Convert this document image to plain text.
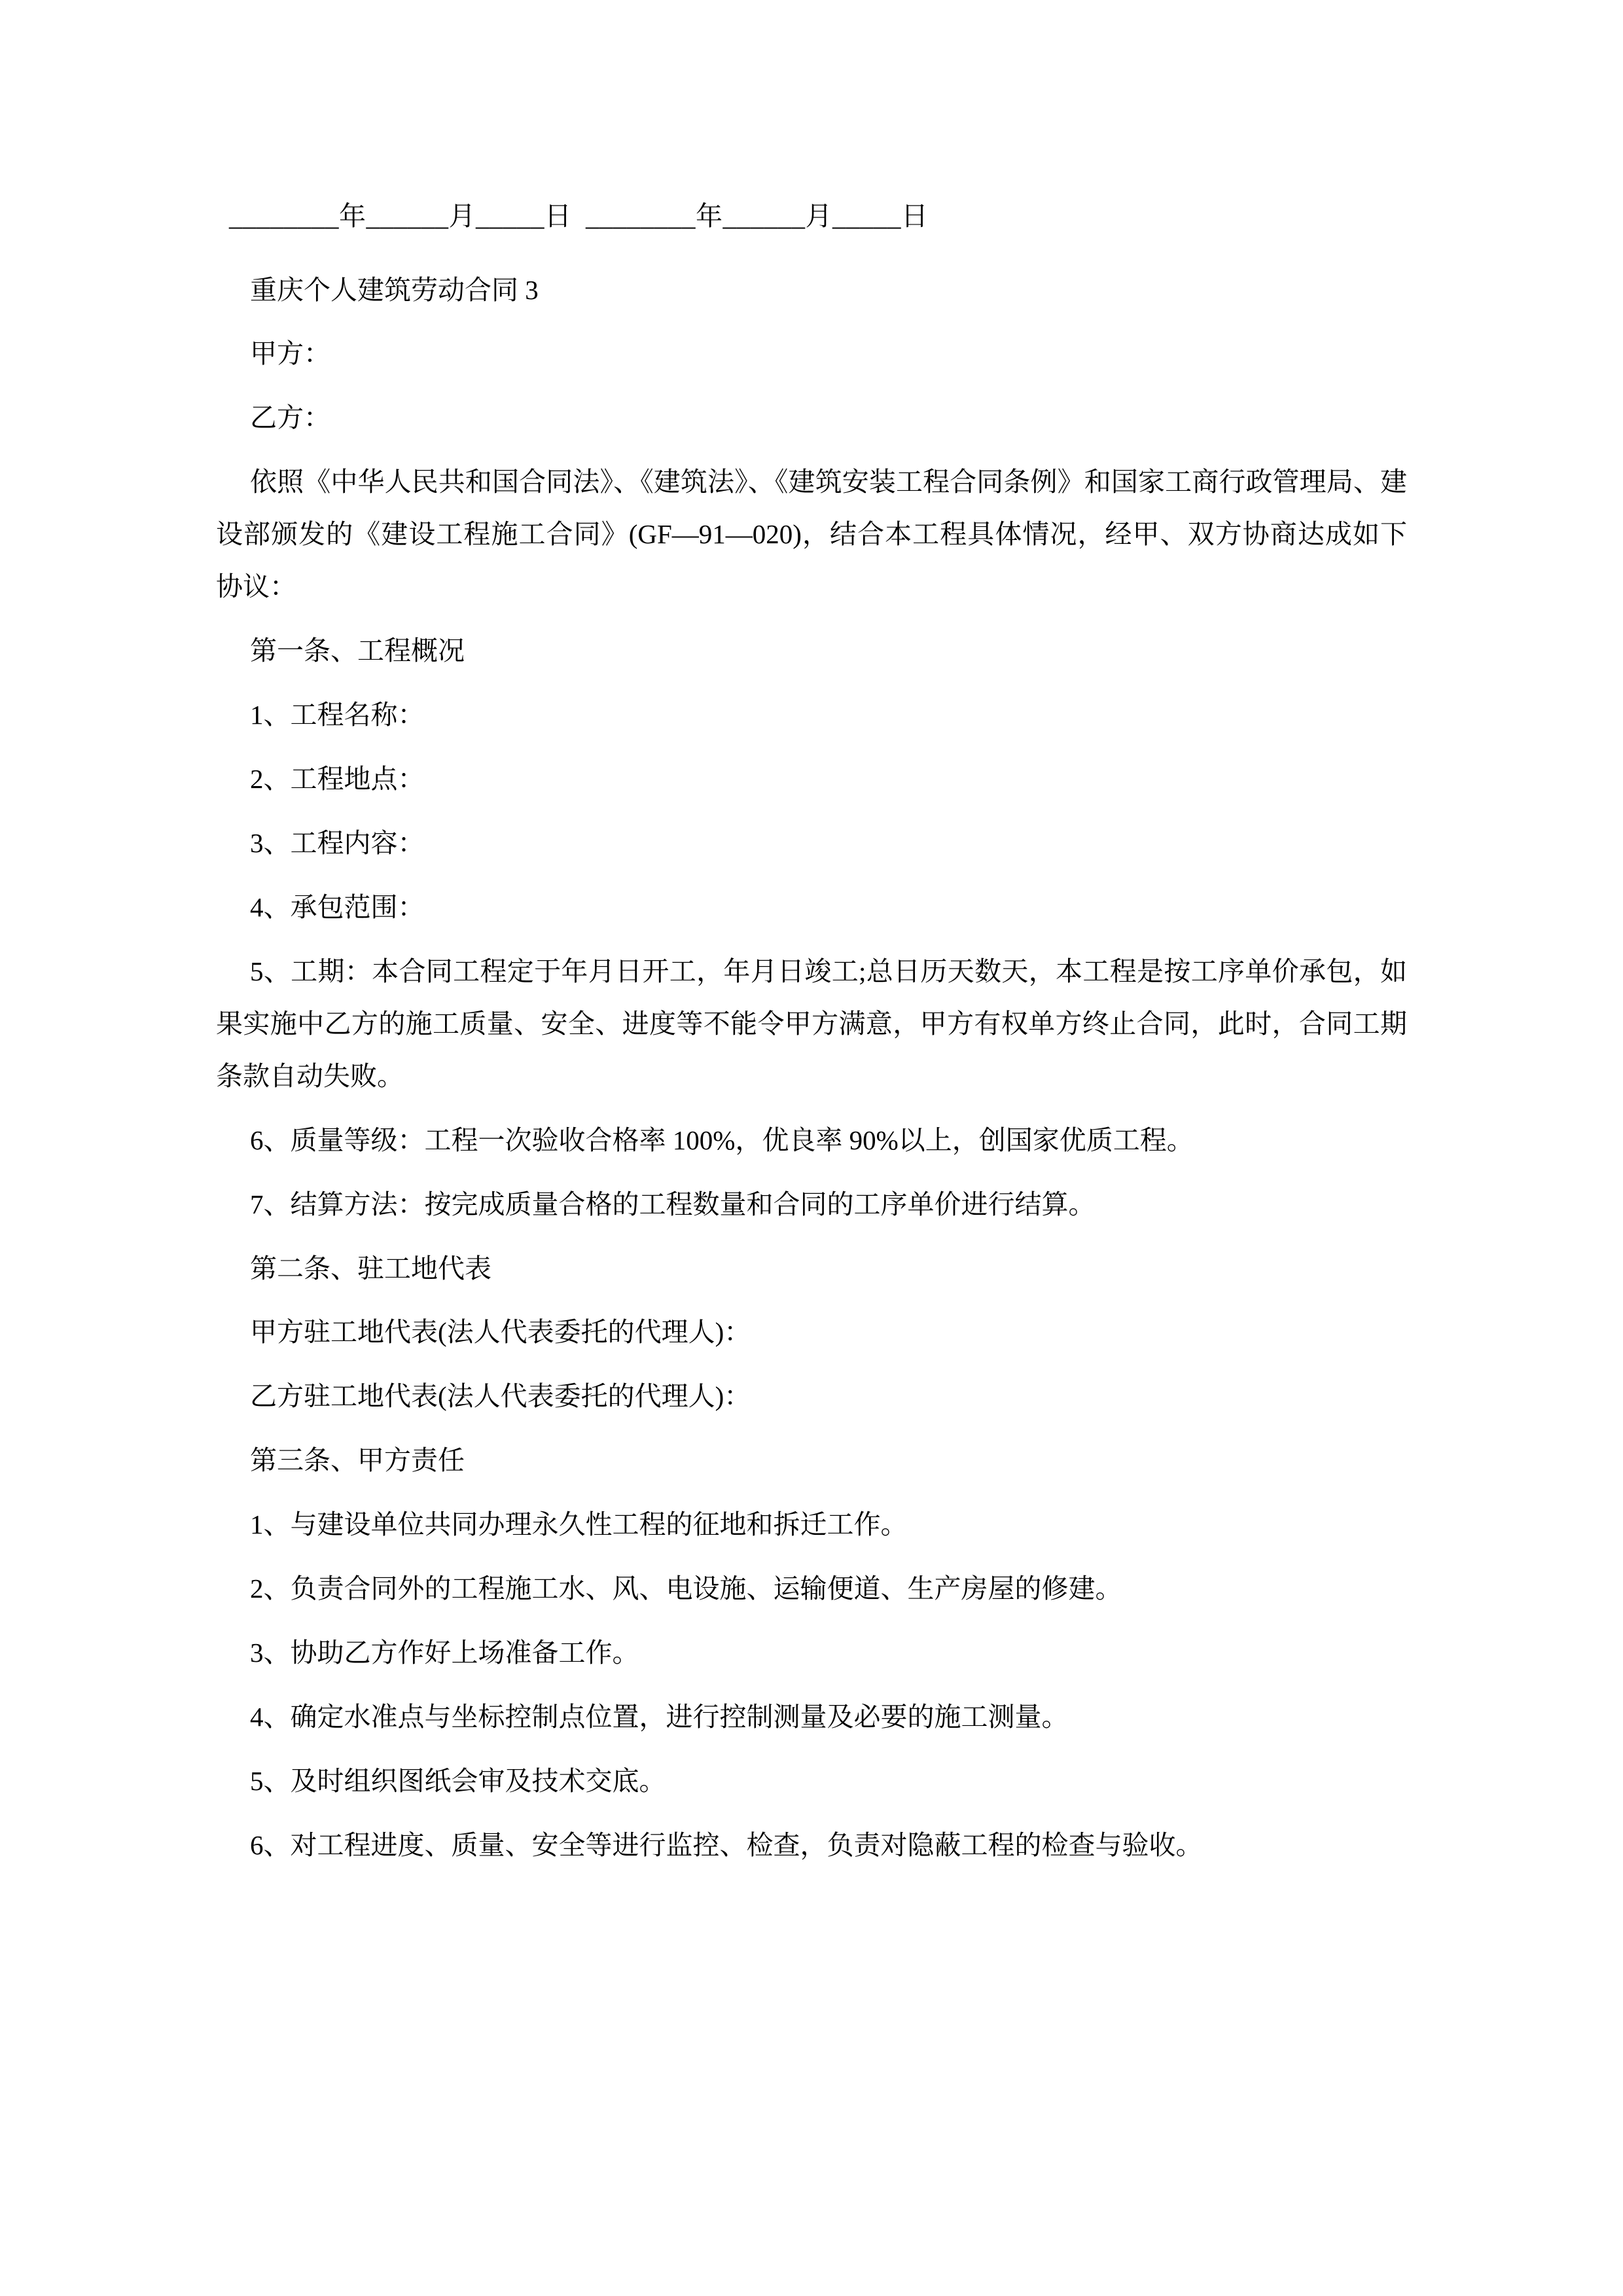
________年______月_____日  ________年______月_____日

重庆个人建筑劳动合同 3

甲方：

乙方：

依照《中华人民共和国合同法》、《建筑法》、《建筑安装工程合同条例》和国家工商行政管理局、建设部颁发的《建设工程施工合同》(GF—91—020)，结合本工程具体情况，经甲、双方协商达成如下协议：

第一条、工程概况

1、工程名称：

2、工程地点：

3、工程内容：

4、承包范围：

5、工期：本合同工程定于年月日开工，年月日竣工;总日历天数天，本工程是按工序单价承包，如果实施中乙方的施工质量、安全、进度等不能令甲方满意，甲方有权单方终止合同，此时，合同工期条款自动失败。

6、质量等级：工程一次验收合格率 100%，优良率 90%以上，创国家优质工程。

7、结算方法：按完成质量合格的工程数量和合同的工序单价进行结算。

第二条、驻工地代表

甲方驻工地代表(法人代表委托的代理人)：

乙方驻工地代表(法人代表委托的代理人)：

第三条、甲方责任

1、与建设单位共同办理永久性工程的征地和拆迁工作。

2、负责合同外的工程施工水、风、电设施、运输便道、生产房屋的修建。

3、协助乙方作好上场准备工作。

4、确定水准点与坐标控制点位置，进行控制测量及必要的施工测量。

5、及时组织图纸会审及技术交底。

6、对工程进度、质量、安全等进行监控、检查，负责对隐蔽工程的检查与验收。
